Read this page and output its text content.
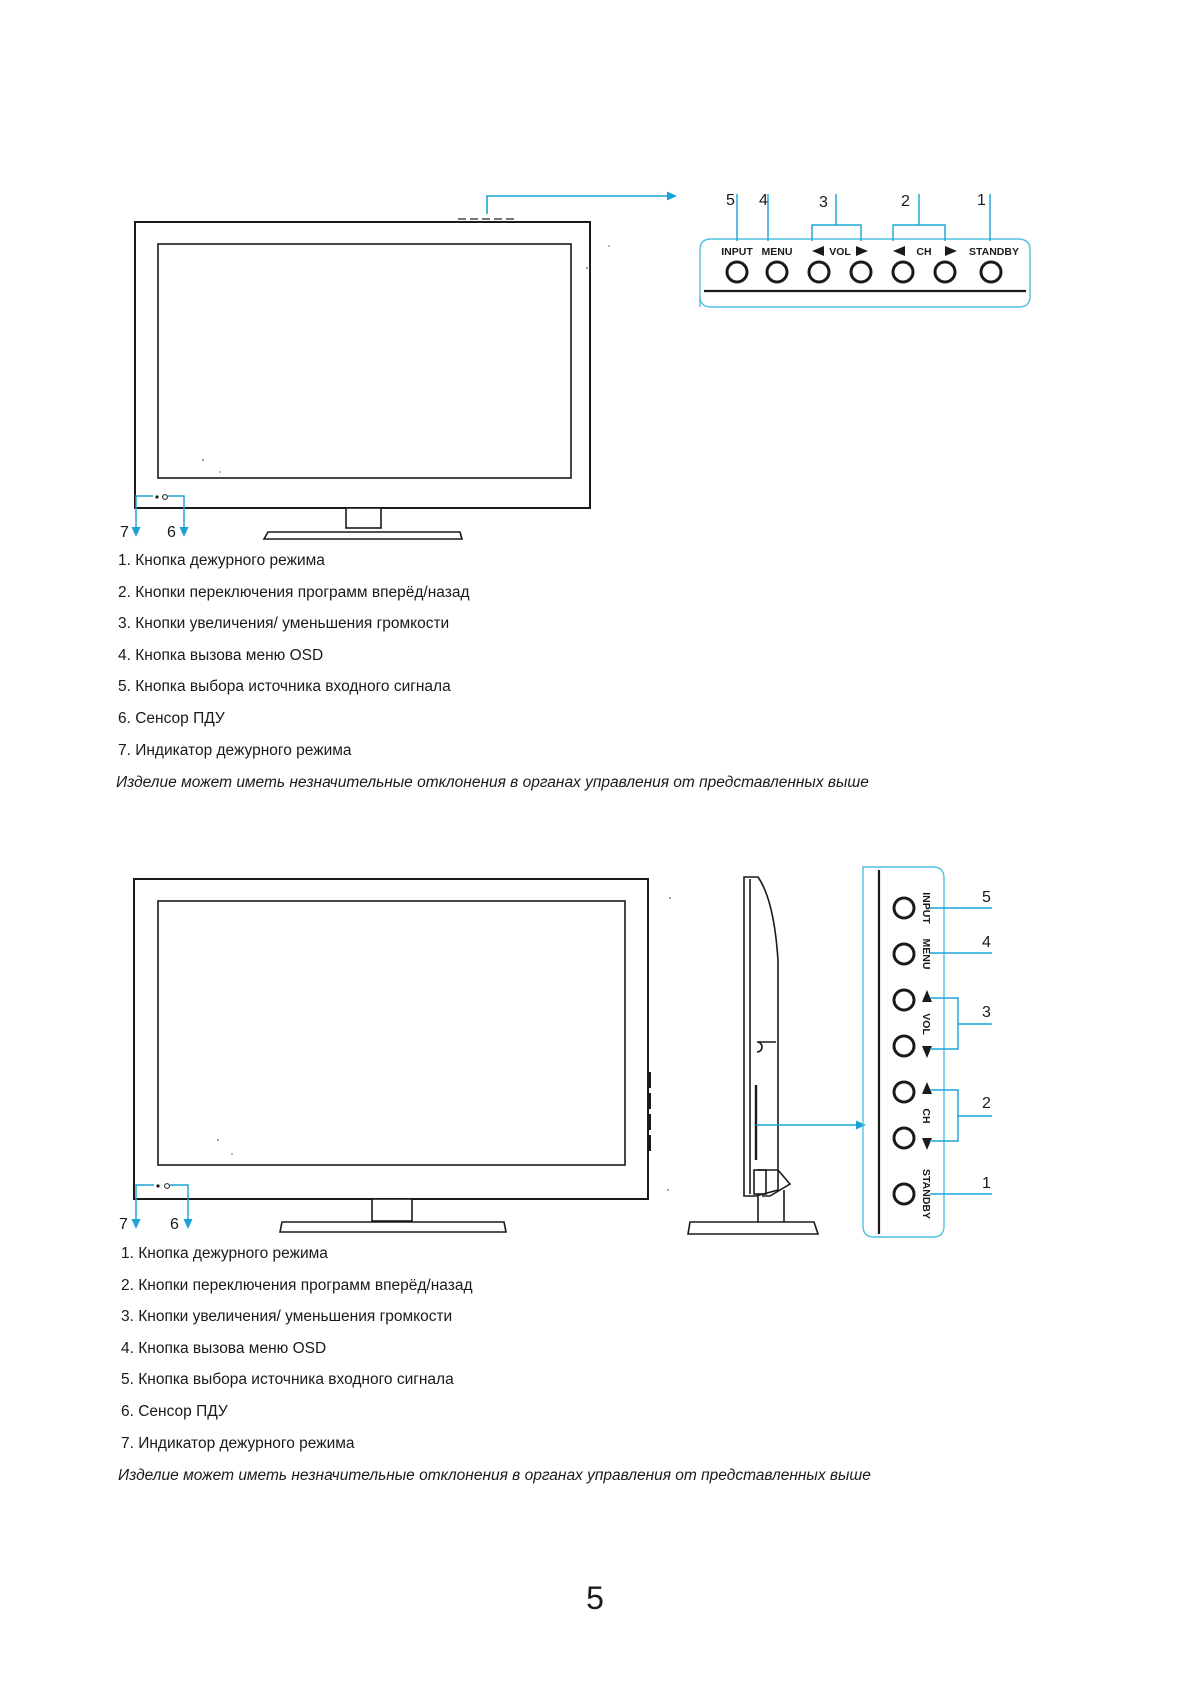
7 6
INPUT MENU	VOL	CH	STANDBY
5 4	3	2	1
1. Кнопка дежурного режима
2. Кнопки переключения программ вперёд/назад
3. Кнопки увеличения/ уменьшения громкости
4. Кнопка вызова меню OSD
5. Кнопка выбора источника входного сигнала
6. Сенсор ПДУ
7. Индикатор дежурного режима
Изделие может иметь незначительные отклонения в органах управления от представленных выше
7	6
INPUT
MENU
VOL
CH
STANDBY
5
4
3
2
1
1. Кнопка дежурного режима
2. Кнопки переключения программ вперёд/назад
3. Кнопки увеличения/ уменьшения громкости
4. Кнопка вызова меню OSD
5. Кнопка выбора источника входного сигнала
6. Сенсор ПДУ
7. Индикатор дежурного режима
Изделие может иметь незначительные отклонения в органах управления от представленных выше
5
